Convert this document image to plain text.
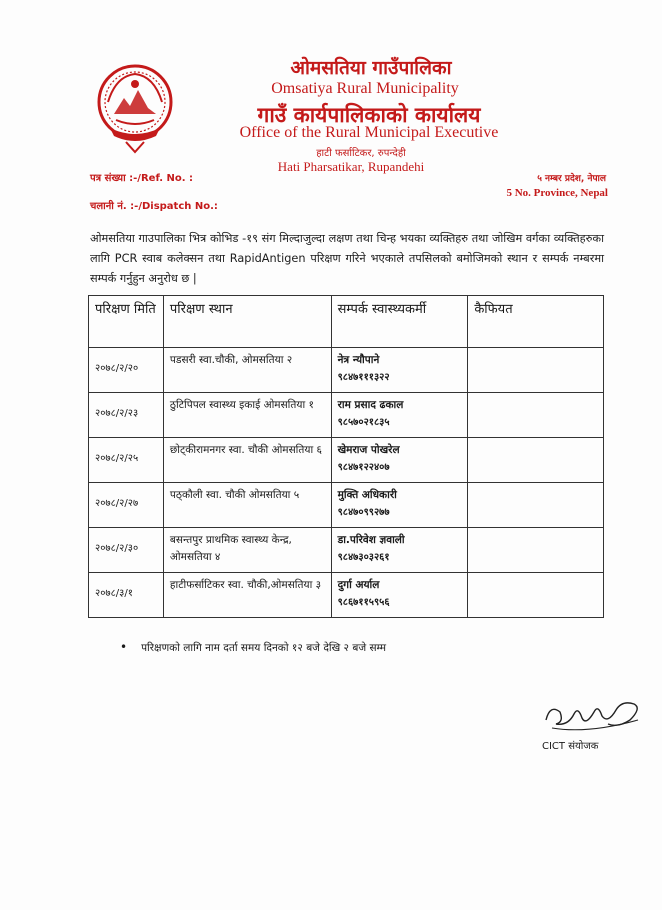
ओमसतिया गाउँपालिका
Omsatiya Rural Municipality
गाउँ कार्यपालिकाको कार्यालय
Office of the Rural Municipal Executive
हाटी फर्साटिकर, रुपन्देही
Hati Pharsatikar, Rupandehi
पत्र संख्या :-/Ref. No. :
चलानी नं. :-/Dispatch No.:
५ नम्बर प्रदेश, नेपाल
5 No. Province, Nepal

ओमसतिया गाउपालिका भित्र कोभिड -१९ संग मिल्दाजुल्दा लक्षण तथा चिन्ह भयका व्यक्तिहरु तथा जोखिम वर्गका व्यक्तिहरुका लागि PCR स्वाब कलेक्सन तथा RapidAntigen परिक्षण गरिने भएकाले तपसिलको बमोजिमको स्थान र सम्पर्क नम्बरमा सम्पर्क गर्नुहुन अनुरोध छ |

परिक्षण मिति	परिक्षण स्थान	सम्पर्क स्वास्थ्यकर्मी	कैफियत
२०७८/२/२०	पडसरी स्वा.चौकी, ओमसतिया २	नेत्र न्यौपाने
९८४७१११३२२	

२०७८/२/२३	ठुटिपिपल स्वास्थ्य इकाई ओमसतिया १	राम प्रसाद ढकाल
९८५७०२१८३५	

२०७८/२/२५	छोट्कीरामनगर स्वा. चौकी ओमसतिया ६	खेमराज पोखरेल
९८४७१२२४०७	

२०७८/२/२७	पठ्कौली स्वा. चौकी ओमसतिया ५	मुक्ति अधिकारी
९८४७०९९२७७	

२०७८/२/३०	बसन्तपुर प्राथमिक स्वास्थ्य केन्द्र, ओमसतिया ४	डा.परिवेश ज्ञवाली
९८४७३०३२६१	

२०७८/३/१	हाटीफर्साटिकर स्वा. चौकी,ओमसतिया ३	दुर्गा अर्याल
९८६७११५९५६	

• परिक्षणको लागि नाम दर्ता समय दिनको १२ बजे देखि २ बजे सम्म
CICT संयोजक
